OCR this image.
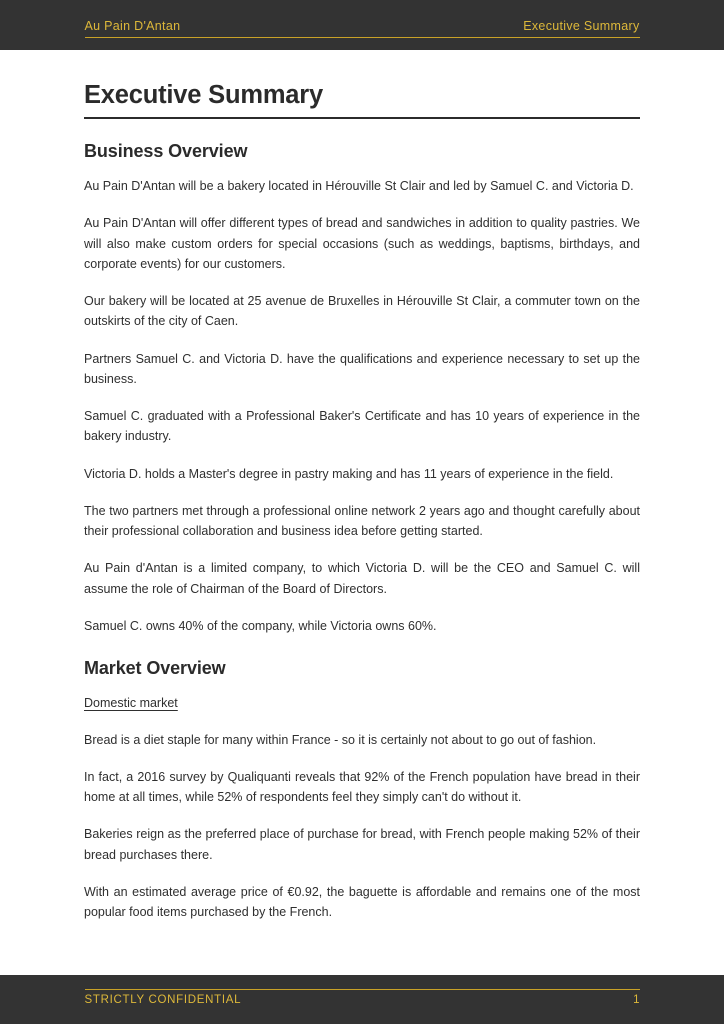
Au Pain D'Antan	Executive Summary
Executive Summary
Business Overview

Au Pain D'Antan will be a bakery located in Hérouville St Clair and led by Samuel C. and Victoria D.

Au Pain D'Antan will offer different types of bread and sandwiches in addition to quality pastries. We will also make custom orders for special occasions (such as weddings, baptisms, birthdays, and corporate events) for our customers.

Our bakery will be located at 25 avenue de Bruxelles in Hérouville St Clair, a commuter town on the outskirts of the city of Caen.

Partners Samuel C. and Victoria D. have the qualifications and experience necessary to set up the business.

Samuel C. graduated with a Professional Baker's Certificate and has 10 years of experience in the bakery industry.

Victoria D. holds a Master's degree in pastry making and has 11 years of experience in the field.

The two partners met through a professional online network 2 years ago and thought carefully about their professional collaboration and business idea before getting started.

Au Pain d'Antan is a limited company, to which Victoria D. will be the CEO and Samuel C. will assume the role of Chairman of the Board of Directors.

Samuel C. owns 40% of the company, while Victoria owns 60%.

Market Overview
Domestic market

Bread is a diet staple for many within France - so it is certainly not about to go out of fashion.

In fact, a 2016 survey by Qualiquanti reveals that 92% of the French population have bread in their home at all times, while 52% of respondents feel they simply can't do without it.

Bakeries reign as the preferred place of purchase for bread, with French people making 52% of their bread purchases there.

With an estimated average price of €0.92, the baguette is affordable and remains one of the most popular food items purchased by the French.

STRICTLY CONFIDENTIAL	1
